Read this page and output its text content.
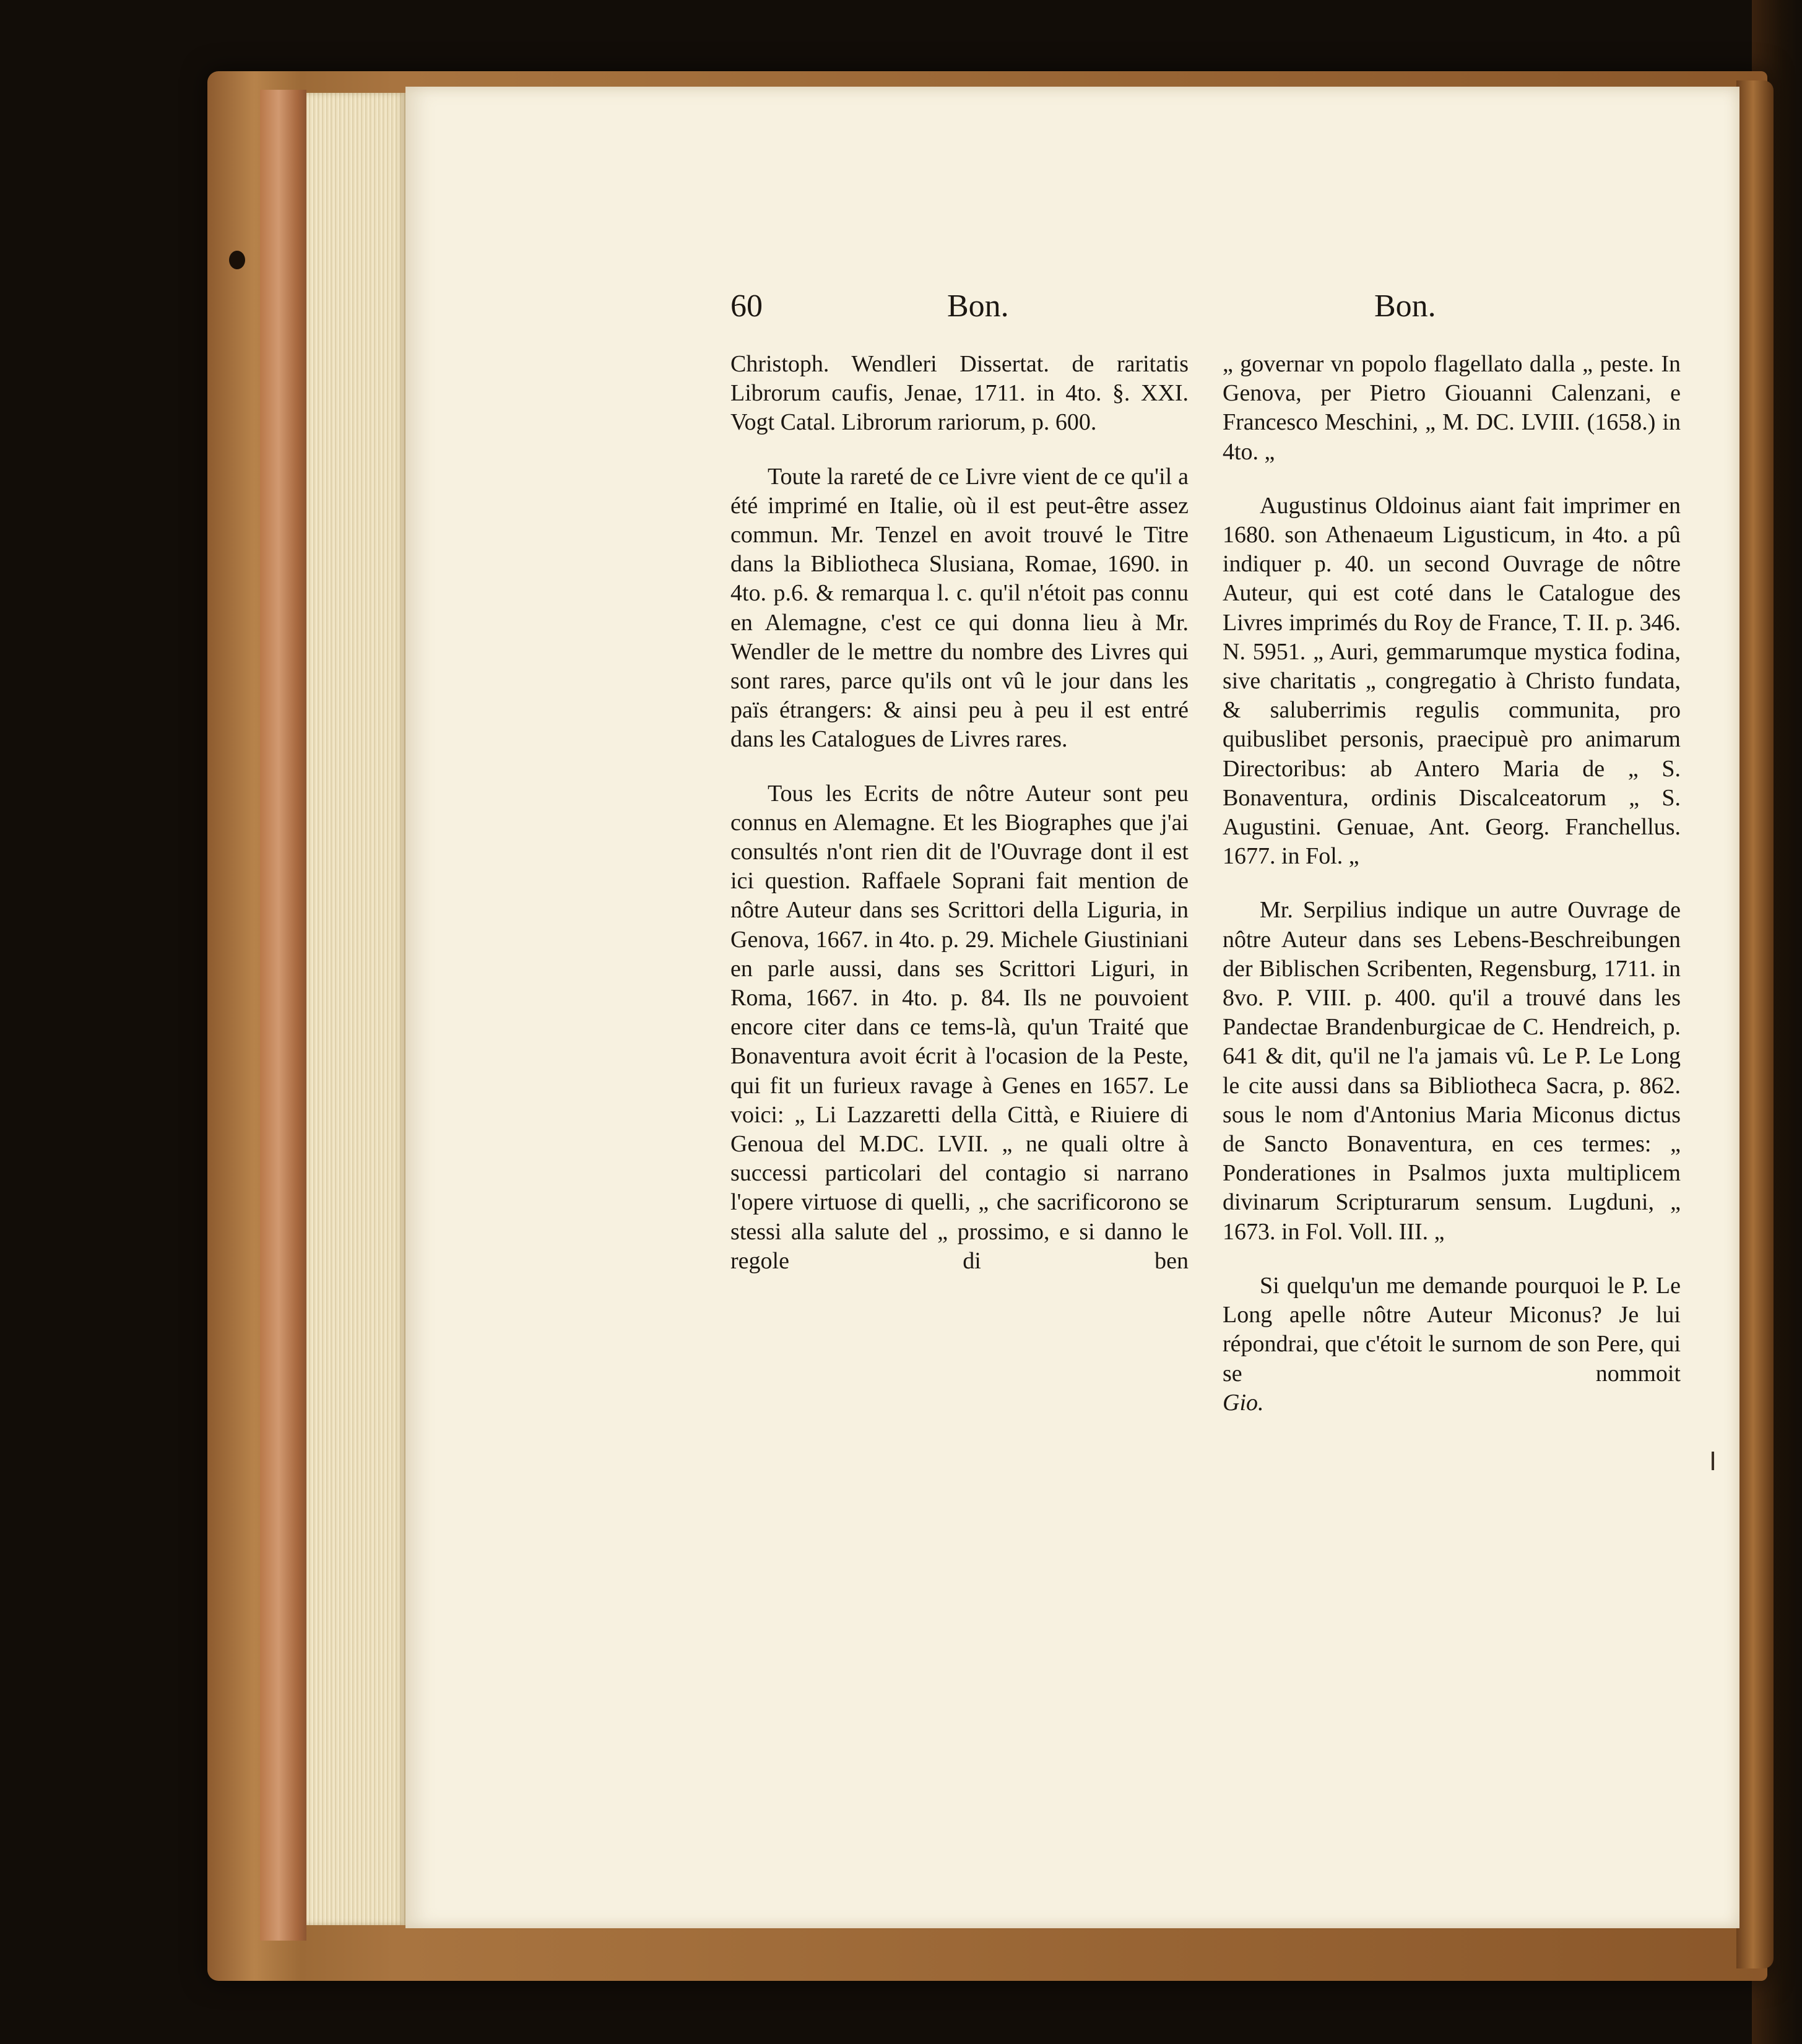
60	Bon.	Bon.

Christoph. Wendleri Dissertat. de raritatis Librorum caufis, Jenae, 1711. in 4to. §. XXI. Vogt Catal. Librorum rariorum, p. 600.

Toute la rareté de ce Livre vient de ce qu'il a été imprimé en Italie, où il est peut-être assez commun. Mr. Tenzel en avoit trouvé le Titre dans la Bibliotheca Slusiana, Romae, 1690. in 4to. p.6. & remarqua l. c. qu'il n'étoit pas connu en Alemagne, c'est ce qui donna lieu à Mr. Wendler de le mettre du nombre des Livres qui sont rares, parce qu'ils ont vû le jour dans les païs étrangers: & ainsi peu à peu il est entré dans les Catalogues de Livres rares.

Tous les Ecrits de nôtre Auteur sont peu connus en Alemagne. Et les Biographes que j'ai consultés n'ont rien dit de l'Ouvrage dont il est ici question. Raffaele Soprani fait mention de nôtre Auteur dans ses Scrittori della Liguria, in Genova, 1667. in 4to. p. 29. Michele Giustiniani en parle aussi, dans ses Scrittori Liguri, in Roma, 1667. in 4to. p. 84. Ils ne pouvoient encore citer dans ce tems-là, qu'un Traité que Bonaventura avoit écrit à l'ocasion de la Peste, qui fit un furieux ravage à Genes en 1657. Le voici: „ Li Lazzaretti della Città, e Riuiere di Genoua del M.DC. LVII. „ ne quali oltre à successi particolari del contagio si narrano l'opere virtuose di quelli, „ che sacrificorono se stessi alla salute del „ prossimo, e si danno le regole di ben

„ governar vn popolo flagellato dalla „ peste. In Genova, per Pietro Giouanni Calenzani, e Francesco Meschini, „ M. DC. LVIII. (1658.) in 4to. „

Augustinus Oldoinus aiant fait imprimer en 1680. son Athenaeum Ligusticum, in 4to. a pû indiquer p. 40. un second Ouvrage de nôtre Auteur, qui est coté dans le Catalogue des Livres imprimés du Roy de France, T. II. p. 346. N. 5951. „ Auri, gemmarumque mystica fodina, sive charitatis „ congregatio à Christo fundata, & saluberrimis regulis communita, pro quibuslibet personis, praecipuè pro animarum Directoribus: ab Antero Maria de „ S. Bonaventura, ordinis Discalceatorum „ S. Augustini. Genuae, Ant. Georg. Franchellus. 1677. in Fol. „

Mr. Serpilius indique un autre Ouvrage de nôtre Auteur dans ses Lebens-Beschreibungen der Biblischen Scribenten, Regensburg, 1711. in 8vo. P. VIII. p. 400. qu'il a trouvé dans les Pandectae Brandenburgicae de C. Hendreich, p. 641 & dit, qu'il ne l'a jamais vû. Le P. Le Long le cite aussi dans sa Bibliotheca Sacra, p. 862. sous le nom d'Antonius Maria Miconus dictus de Sancto Bonaventura, en ces termes: „ Ponderationes in Psalmos juxta multiplicem divinarum Scripturarum sensum. Lugduni, „ 1673. in Fol. Voll. III. „

Si quelqu'un me demande pourquoi le P. Le Long apelle nôtre Auteur Miconus? Je lui répondrai, que c'étoit le surnom de son Pere, qui se nommoit

Gio.
